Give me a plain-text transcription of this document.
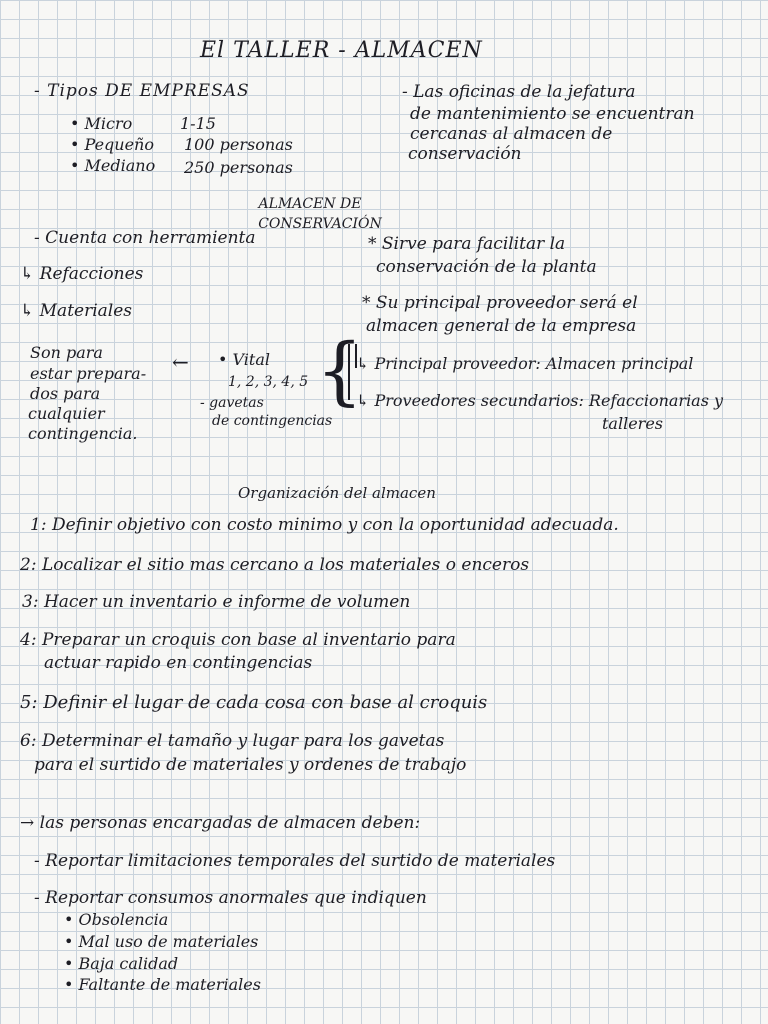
El TALLER - ALMACEN
- Tipos DE EMPRESAS
• Micro	1-15
• Pequeño 100 personas
• Mediano 250 personas
- Las oficinas de la jefatura
de mantenimiento se encuentran
cercanas al almacen de
conservación
ALMACEN DE
CONSERVACIÓN
- Cuenta con herramienta
↳ Refacciones
↳ Materiales
* Sirve para facilitar la
conservación de la planta
* Su principal proveedor será el
almacen general de la empresa
Son para
estar prepara-
dos para
cualquier
contingencia.
← • Vital
1, 2, 3, 4, 5
- gavetas
de contingencias
{
↳ Principal proveedor: Almacen principal
↳ Proveedores secundarios: Refaccionarias y
talleres
Organización del almacen
1: Definir objetivo con costo minimo y con la oportunidad adecuada.
2: Localizar el sitio mas cercano a los materiales o enceros
3: Hacer un inventario e informe de volumen
4: Preparar un croquis con base al inventario para
actuar rapido en contingencias
5: Definir el lugar de cada cosa con base al croquis
6: Determinar el tamaño y lugar para los gavetas
para el surtido de materiales y ordenes de trabajo
→ las personas encargadas de almacen deben:
- Reportar limitaciones temporales del surtido de materiales
- Reportar consumos anormales que indiquen
• Obsolencia
• Mal uso de materiales
• Baja calidad
• Faltante de materiales
